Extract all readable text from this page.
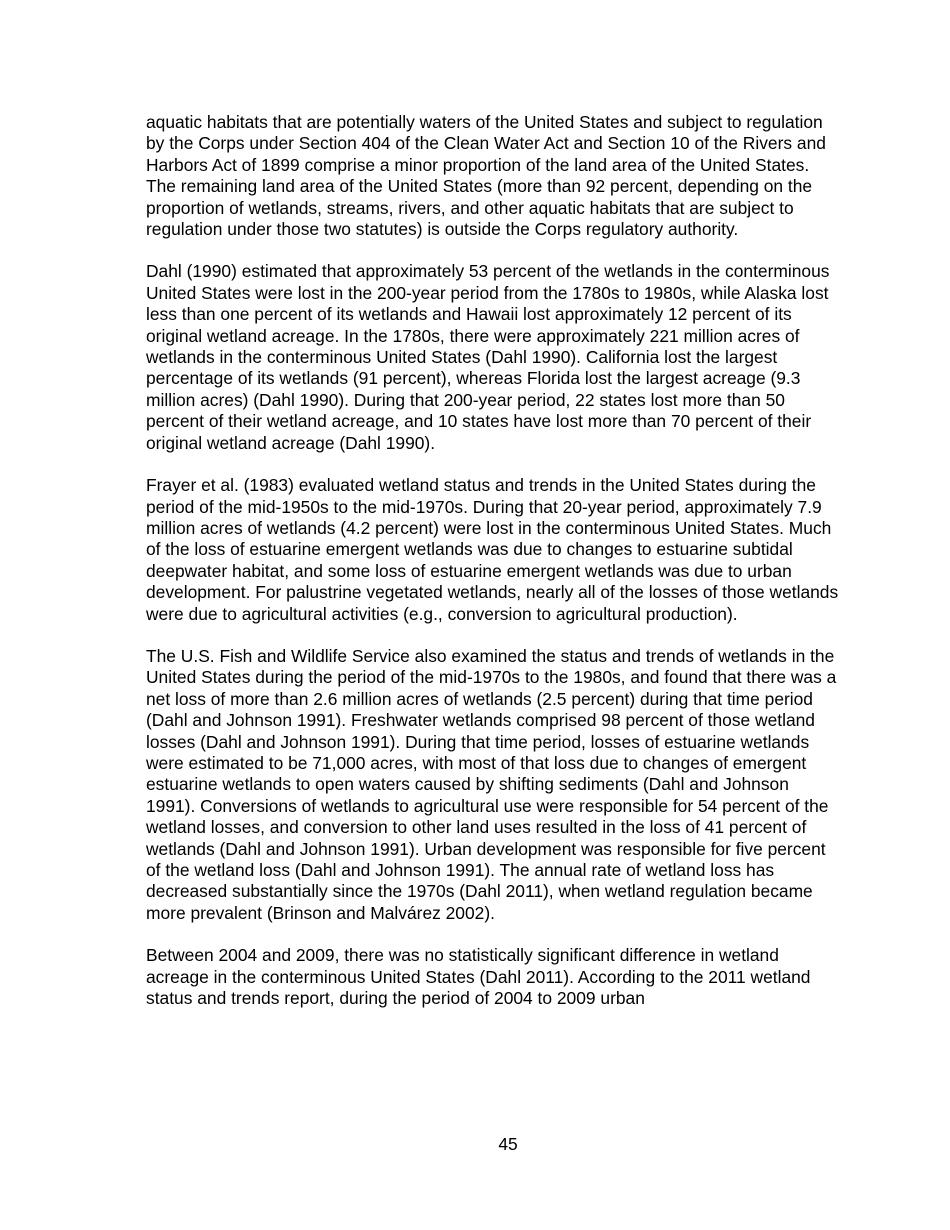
aquatic habitats that are potentially waters of the United States and subject to regulation by the Corps under Section 404 of the Clean Water Act and Section 10 of the Rivers and Harbors Act of 1899 comprise a minor proportion of the land area of the United States. The remaining land area of the United States (more than 92 percent, depending on the proportion of wetlands, streams, rivers, and other aquatic habitats that are subject to regulation under those two statutes) is outside the Corps regulatory authority.

Dahl (1990) estimated that approximately 53 percent of the wetlands in the conterminous United States were lost in the 200-year period from the 1780s to 1980s, while Alaska lost less than one percent of its wetlands and Hawaii lost approximately 12 percent of its original wetland acreage. In the 1780s, there were approximately 221 million acres of wetlands in the conterminous United States (Dahl 1990). California lost the largest percentage of its wetlands (91 percent), whereas Florida lost the largest acreage (9.3 million acres) (Dahl 1990). During that 200-year period, 22 states lost more than 50 percent of their wetland acreage, and 10 states have lost more than 70 percent of their original wetland acreage (Dahl 1990).

Frayer et al. (1983) evaluated wetland status and trends in the United States during the period of the mid-1950s to the mid-1970s. During that 20-year period, approximately 7.9 million acres of wetlands (4.2 percent) were lost in the conterminous United States. Much of the loss of estuarine emergent wetlands was due to changes to estuarine subtidal deepwater habitat, and some loss of estuarine emergent wetlands was due to urban development. For palustrine vegetated wetlands, nearly all of the losses of those wetlands were due to agricultural activities (e.g., conversion to agricultural production).

The U.S. Fish and Wildlife Service also examined the status and trends of wetlands in the United States during the period of the mid-1970s to the 1980s, and found that there was a net loss of more than 2.6 million acres of wetlands (2.5 percent) during that time period (Dahl and Johnson 1991). Freshwater wetlands comprised 98 percent of those wetland losses (Dahl and Johnson 1991). During that time period, losses of estuarine wetlands were estimated to be 71,000 acres, with most of that loss due to changes of emergent estuarine wetlands to open waters caused by shifting sediments (Dahl and Johnson 1991). Conversions of wetlands to agricultural use were responsible for 54 percent of the wetland losses, and conversion to other land uses resulted in the loss of 41 percent of wetlands (Dahl and Johnson 1991). Urban development was responsible for five percent of the wetland loss (Dahl and Johnson 1991). The annual rate of wetland loss has decreased substantially since the 1970s (Dahl 2011), when wetland regulation became more prevalent (Brinson and Malvárez 2002).

Between 2004 and 2009, there was no statistically significant difference in wetland acreage in the conterminous United States (Dahl 2011). According to the 2011 wetland status and trends report, during the period of 2004 to 2009 urban

45
